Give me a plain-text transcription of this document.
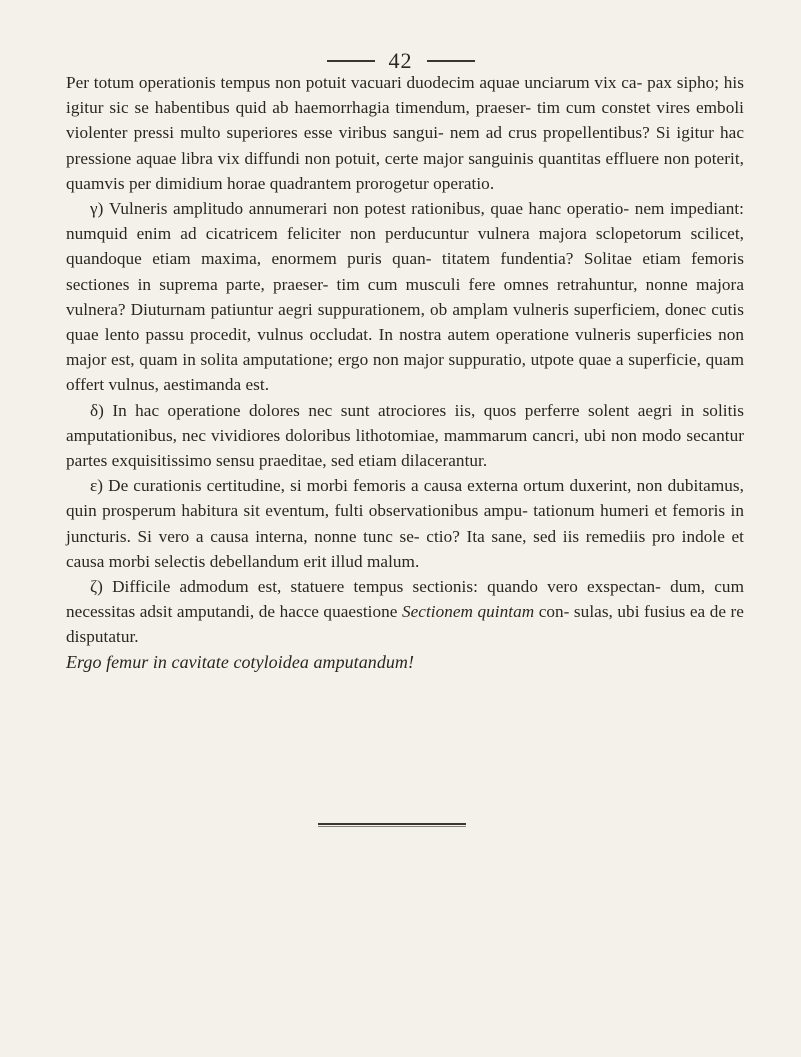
42

Per totum operationis tempus non potuit vacuari duodecim aquae unciarum vix ca- pax sipho; his igitur sic se habentibus quid ab haemorrhagia timendum, praeser- tim cum constet vires emboli violenter pressi multo superiores esse viribus sangui- nem ad crus propellentibus? Si igitur hac pressione aquae libra vix diffundi non potuit, certe major sanguinis quantitas effluere non poterit, quamvis per dimidium horae quadrantem prorogetur operatio.

γ) Vulneris amplitudo annumerari non potest rationibus, quae hanc operatio- nem impediant: numquid enim ad cicatricem feliciter non perducuntur vulnera majora sclopetorum scilicet, quandoque etiam maxima, enormem puris quan- titatem fundentia? Solitae etiam femoris sectiones in suprema parte, praeser- tim cum musculi fere omnes retrahuntur, nonne majora vulnera? Diuturnam patiuntur aegri suppurationem, ob amplam vulneris superficiem, donec cutis quae lento passu procedit, vulnus occludat. In nostra autem operatione vulneris superficies non major est, quam in solita amputatione; ergo non major suppuratio, utpote quae a superficie, quam offert vulnus, aestimanda est.

δ) In hac operatione dolores nec sunt atrociores iis, quos perferre solent aegri in solitis amputationibus, nec vividiores doloribus lithotomiae, mammarum cancri, ubi non modo secantur partes exquisitissimo sensu praeditae, sed etiam dilacerantur.

ε) De curationis certitudine, si morbi femoris a causa externa ortum duxerint, non dubitamus, quin prosperum habitura sit eventum, fulti observationibus ampu- tationum humeri et femoris in juncturis. Si vero a causa interna, nonne tunc se- ctio? Ita sane, sed iis remediis pro indole et causa morbi selectis debellandum erit illud malum.

ζ) Difficile admodum est, statuere tempus sectionis: quando vero exspectan- dum, cum necessitas adsit amputandi, de hacce quaestione Sectionem quintam con- sulas, ubi fusius ea de re disputatur.

Ergo femur in cavitate cotyloidea amputandum!
